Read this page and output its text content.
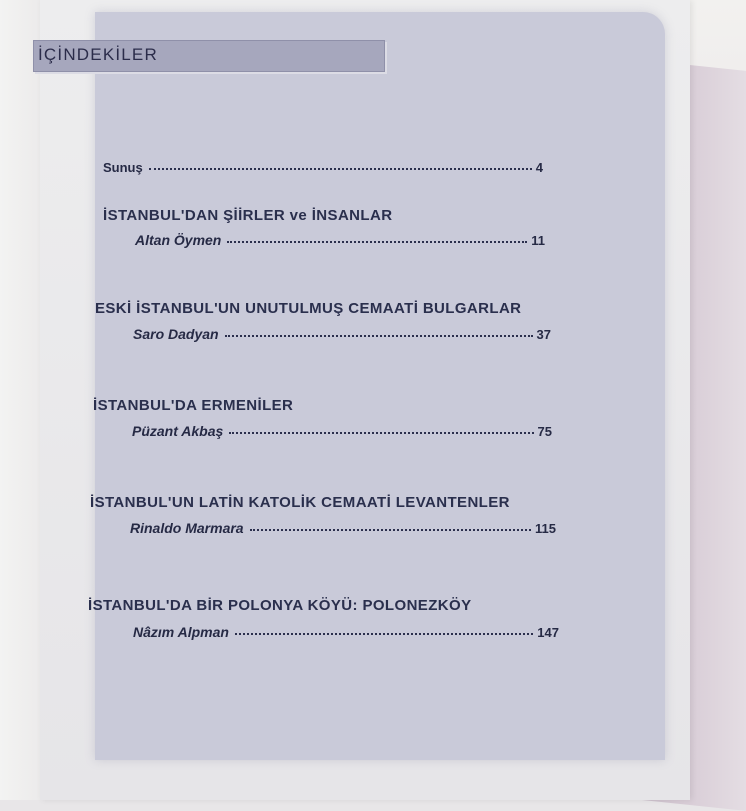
İÇİNDEKİLER
Sunuş	4
İSTANBUL'DAN ŞİİRLER ve İNSANLAR
Altan Öymen	11
ESKİ İSTANBUL'UN UNUTULMUŞ CEMAATİ BULGARLAR
Saro Dadyan	37
İSTANBUL'DA ERMENİLER
Püzant Akbaş	75
İSTANBUL'UN LATİN KATOLİK CEMAATİ LEVANTENLER
Rinaldo Marmara	115
İSTANBUL'DA BİR POLONYA KÖYÜ: POLONEZKÖY
Nâzım Alpman	147
